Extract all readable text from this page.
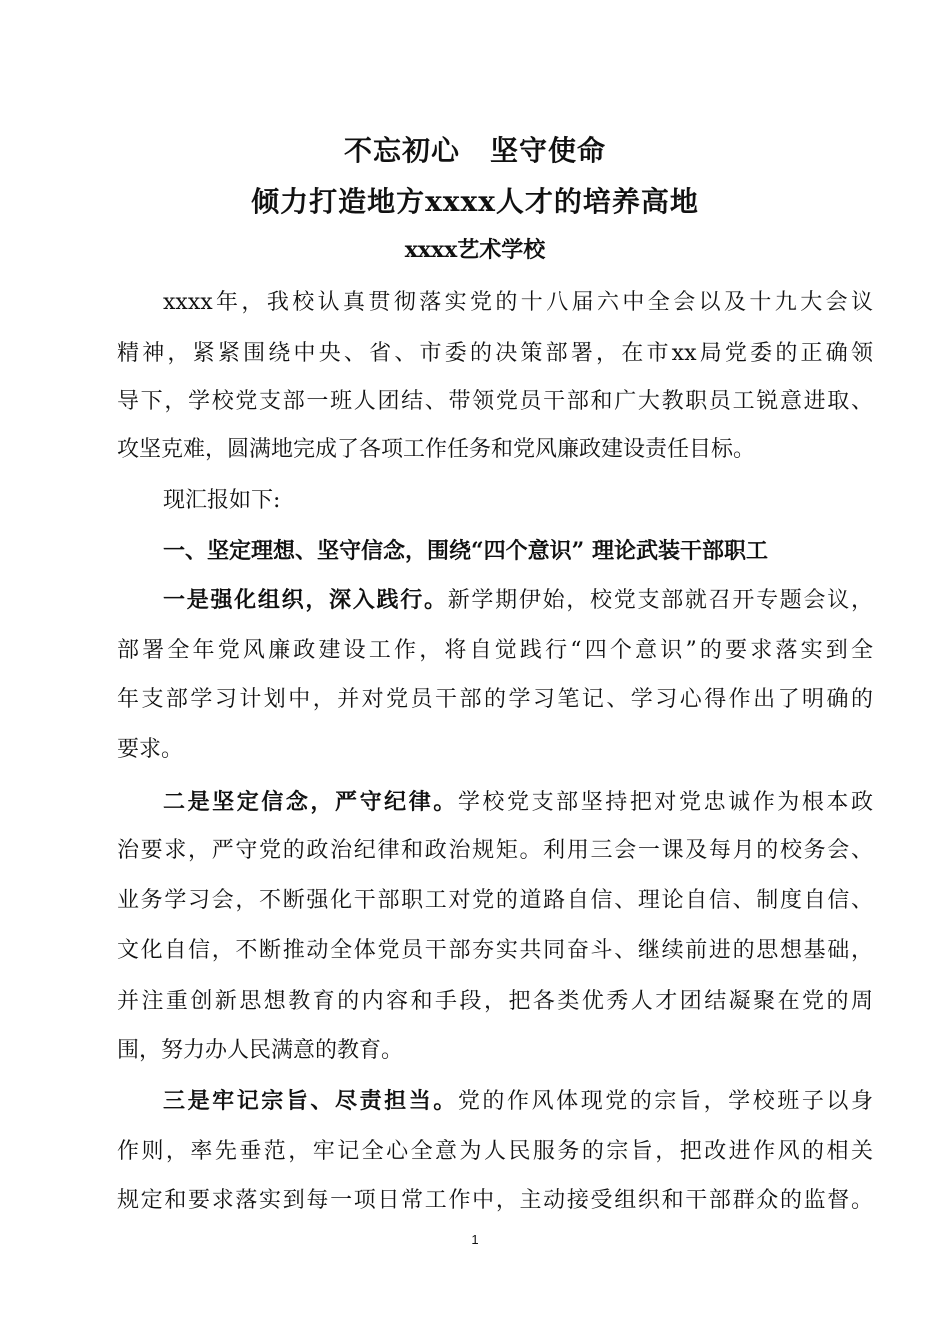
不忘初心 坚守使命
倾力打造地方xxxx人才的培养高地
xxxx艺术学校
xxxx年，我校认真贯彻落实党的十八届六中全会以及十九大会议
精神，紧紧围绕中央、省、市委的决策部署，在市xx局党委的正确领
导下，学校党支部一班人团结、带领党员干部和广大教职员工锐意进取、
攻坚克难，圆满地完成了各项工作任务和党风廉政建设责任目标。
现汇报如下:
一、坚定理想、坚守信念，围绕“四个意识” 理论武装干部职工
一是强化组织，深入践行。新学期伊始，校党支部就召开专题会议，
部署全年党风廉政建设工作，将自觉践行“四个意识”的要求落实到全
年支部学习计划中，并对党员干部的学习笔记、学习心得作出了明确的
要求。
二是坚定信念，严守纪律。学校党支部坚持把对党忠诚作为根本政
治要求，严守党的政治纪律和政治规矩。利用三会一课及每月的校务会、
业务学习会，不断强化干部职工对党的道路自信、理论自信、制度自信、
文化自信，不断推动全体党员干部夯实共同奋斗、继续前进的思想基础，
并注重创新思想教育的内容和手段，把各类优秀人才团结凝聚在党的周
围，努力办人民满意的教育。
三是牢记宗旨、尽责担当。党的作风体现党的宗旨，学校班子以身
作则，率先垂范，牢记全心全意为人民服务的宗旨，把改进作风的相关
规定和要求落实到每一项日常工作中，主动接受组织和干部群众的监督。
1
